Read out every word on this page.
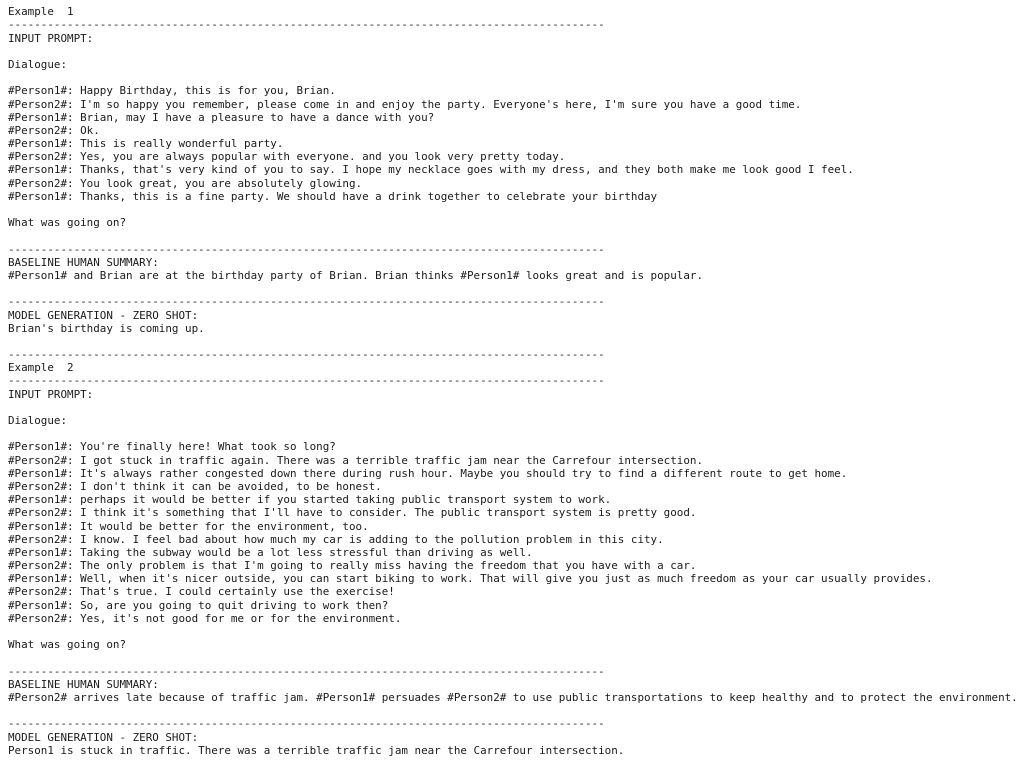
Example  1
-------------------------------------------------------------------------------------------
INPUT PROMPT:
Dialogue:
#Person1#: Happy Birthday, this is for you, Brian.
#Person2#: I'm so happy you remember, please come in and enjoy the party. Everyone's here, I'm sure you have a good time.
#Person1#: Brian, may I have a pleasure to have a dance with you?
#Person2#: Ok.
#Person1#: This is really wonderful party.
#Person2#: Yes, you are always popular with everyone. and you look very pretty today.
#Person1#: Thanks, that's very kind of you to say. I hope my necklace goes with my dress, and they both make me look good I feel.
#Person2#: You look great, you are absolutely glowing.
#Person1#: Thanks, this is a fine party. We should have a drink together to celebrate your birthday
What was going on?
-------------------------------------------------------------------------------------------
BASELINE HUMAN SUMMARY:
#Person1# and Brian are at the birthday party of Brian. Brian thinks #Person1# looks great and is popular.
-------------------------------------------------------------------------------------------
MODEL GENERATION - ZERO SHOT:
Brian's birthday is coming up.
-------------------------------------------------------------------------------------------
Example  2
-------------------------------------------------------------------------------------------
INPUT PROMPT:
Dialogue:
#Person1#: You're finally here! What took so long?
#Person2#: I got stuck in traffic again. There was a terrible traffic jam near the Carrefour intersection.
#Person1#: It's always rather congested down there during rush hour. Maybe you should try to find a different route to get home.
#Person2#: I don't think it can be avoided, to be honest.
#Person1#: perhaps it would be better if you started taking public transport system to work.
#Person2#: I think it's something that I'll have to consider. The public transport system is pretty good.
#Person1#: It would be better for the environment, too.
#Person2#: I know. I feel bad about how much my car is adding to the pollution problem in this city.
#Person1#: Taking the subway would be a lot less stressful than driving as well.
#Person2#: The only problem is that I'm going to really miss having the freedom that you have with a car.
#Person1#: Well, when it's nicer outside, you can start biking to work. That will give you just as much freedom as your car usually provides.
#Person2#: That's true. I could certainly use the exercise!
#Person1#: So, are you going to quit driving to work then?
#Person2#: Yes, it's not good for me or for the environment.
What was going on?
-------------------------------------------------------------------------------------------
BASELINE HUMAN SUMMARY:
#Person2# arrives late because of traffic jam. #Person1# persuades #Person2# to use public transportations to keep healthy and to protect the environment.
-------------------------------------------------------------------------------------------
MODEL GENERATION - ZERO SHOT:
Person1 is stuck in traffic. There was a terrible traffic jam near the Carrefour intersection.
